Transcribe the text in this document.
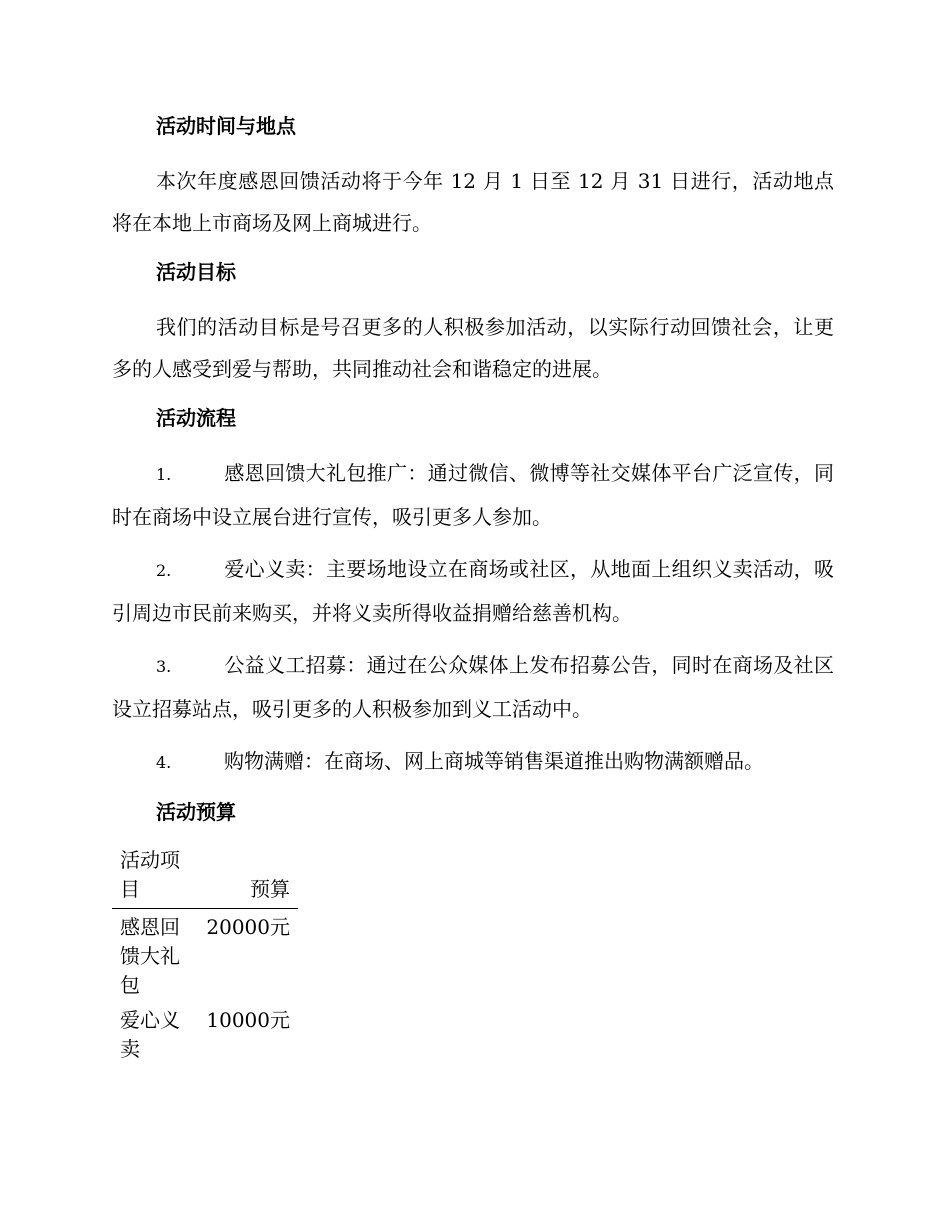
活动时间与地点

本次年度感恩回馈活动将于今年 12 月 1 日至 12 月 31 日进行，活动地点将在本地上市商场及网上商城进行。

活动目标

我们的活动目标是号召更多的人积极参加活动，以实际行动回馈社会，让更多的人感受到爱与帮助，共同推动社会和谐稳定的进展。

活动流程

1.	感恩回馈大礼包推广：通过微信、微博等社交媒体平台广泛宣传，同时在商场中设立展台进行宣传，吸引更多人参加。

2.	爱心义卖：主要场地设立在商场或社区，从地面上组织义卖活动，吸引周边市民前来购买，并将义卖所得收益捐赠给慈善机构。

3.	公益义工招募：通过在公众媒体上发布招募公告，同时在商场及社区设立招募站点，吸引更多的人积极参加到义工活动中。

4.	购物满赠：在商场、网上商城等销售渠道推出购物满额赠品。

活动预算
活动项目	预算
感恩回馈大礼包	20000元
爱心义卖	10000元
